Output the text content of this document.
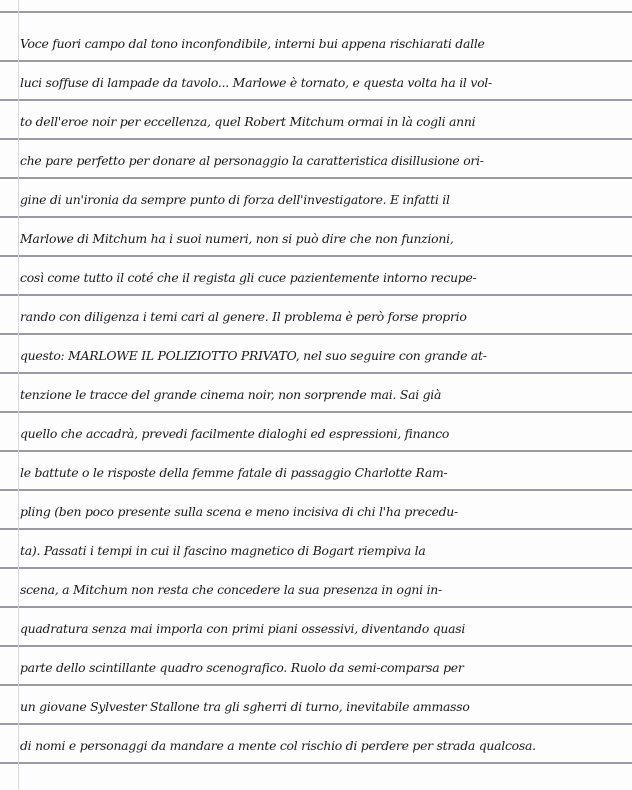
Voce fuori campo dal tono inconfondibile, interni bui appena rischiarati dalle
luci soffuse di lampade da tavolo... Marlowe è tornato, e questa volta ha il vol-
to dell'eroe noir per eccellenza, quel Robert Mitchum ormai in là cogli anni
che pare perfetto per donare al personaggio la caratteristica disillusione ori-
gine di un'ironia da sempre punto di forza dell'investigatore. E infatti il
Marlowe di Mitchum ha i suoi numeri, non si può dire che non funzioni,
così come tutto il coté che il regista gli cuce pazientemente intorno recupe-
rando con diligenza i temi cari al genere. Il problema è però forse proprio
questo: MARLOWE IL POLIZIOTTO PRIVATO, nel suo seguire con grande at-
tenzione le tracce del grande cinema noir, non sorprende mai. Sai già
quello che accadrà, prevedi facilmente dialoghi ed espressioni, financo
le battute o le risposte della femme fatale di passaggio Charlotte Ram-
pling (ben poco presente sulla scena e meno incisiva di chi l'ha precedu-
ta). Passati i tempi in cui il fascino magnetico di Bogart riempiva la
scena, a Mitchum non resta che concedere la sua presenza in ogni in-
quadratura senza mai imporla con primi piani ossessivi, diventando quasi
parte dello scintillante quadro scenografico. Ruolo da semi-comparsa per
un giovane Sylvester Stallone tra gli sgherri di turno, inevitabile ammasso
di nomi e personaggi da mandare a mente col rischio di perdere per strada qualcosa.
